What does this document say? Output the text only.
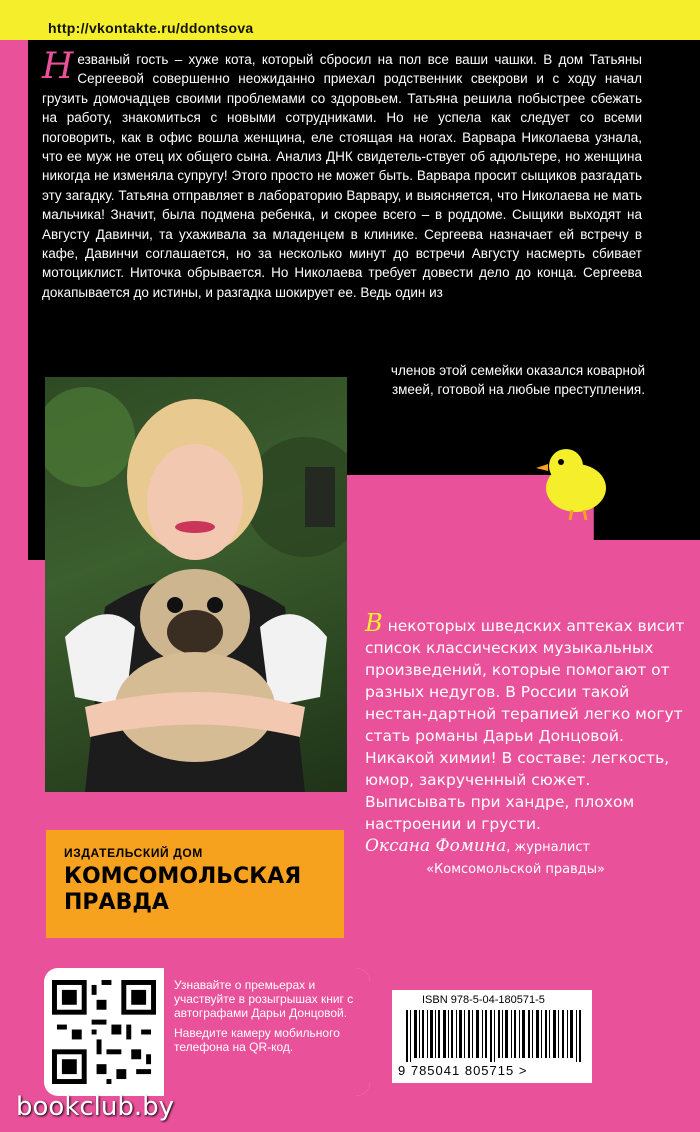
http://vkontakte.ru/ddontsova
Незваный гость – хуже кота, который сбросил на пол все ваши чашки. В дом Татьяны Сергеевой совершенно неожиданно приехал родственник свекрови и с ходу начал грузить домочадцев своими проблемами со здоровьем. Татьяна решила побыстрее сбежать на работу, знакомиться с новыми сотрудниками. Но не успела как следует со всеми поговорить, как в офис вошла женщина, еле стоящая на ногах. Варвара Николаева узнала, что ее муж не отец их общего сына. Анализ ДНК свидетель-ствует об адюльтере, но женщина никогда не изменяла супругу! Этого просто не может быть. Варвара просит сыщиков разгадать эту загадку. Татьяна отправляет в лабораторию Варвару, и выясняется, что Николаева не мать мальчика! Значит, была подмена ребенка, и скорее всего – в роддоме. Сыщики выходят на Августу Давинчи, та ухаживала за младенцем в клинике. Сергеева назначает ей встречу в кафе, Давинчи соглашается, но за несколько минут до встречи Августу насмерть сбивает мотоциклист. Ниточка обрывается. Но Николаева требует довести дело до конца. Сергеева докапывается до истины, и разгадка шокирует ее. Ведь один из
членов этой семейки оказался коварной змеей, готовой на любые преступления.
В некоторых шведских аптеках висит список классических музыкальных произведений, которые помогают от разных недугов. В России такой нестан-дартной терапией легко могут стать романы Дарьи Донцовой. Никакой химии! В составе: легкость, юмор, закрученный сюжет. Выписывать при хандре, плохом настроении и грусти.
Оксана Фомина, журналист

«Комсомольской правды»
ИЗДАТЕЛЬСКИЙ ДОМ
КОМСОМОЛЬСКАЯ ПРАВДА

Узнавайте о премьерах и участвуйте в розыгрышах книг с автографами Дарьи Донцовой.

Наведите камеру мобильного телефона на QR-код.

ISBN 978-5-04-180571-5
9 785041 805715 >
bookclub.by
